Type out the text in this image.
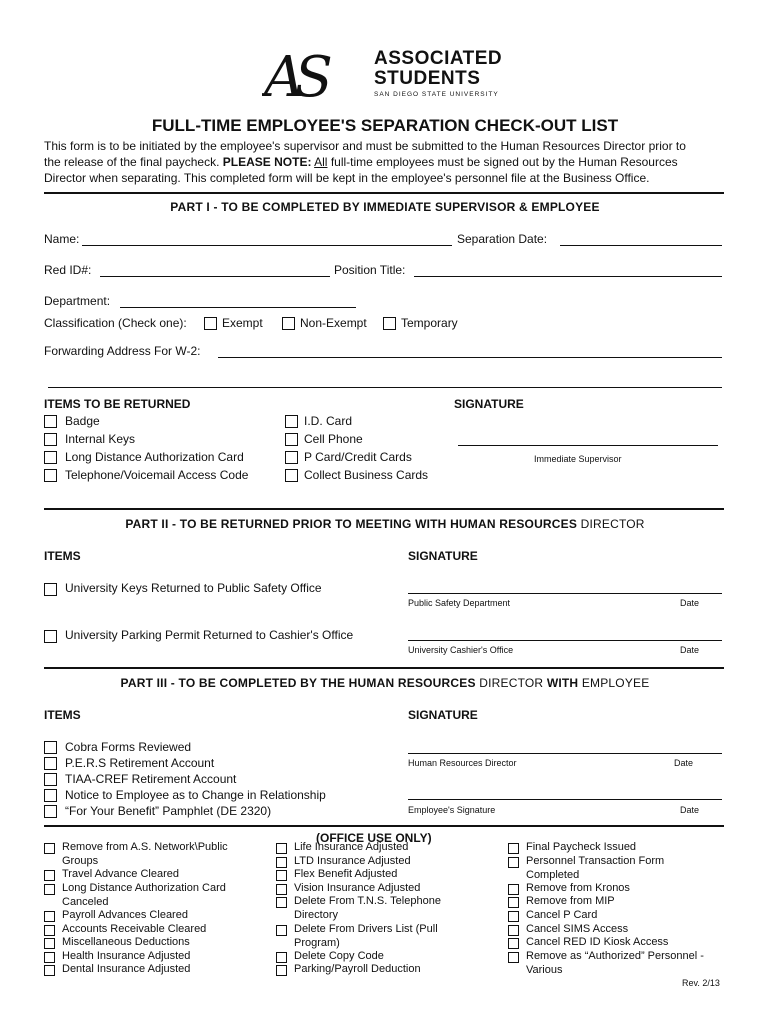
AS	ASSOCIATED
STUDENTS
SAN DIEGO STATE UNIVERSITY
FULL-TIME EMPLOYEE'S SEPARATION CHECK-OUT LIST
This form is to be initiated by the employee's supervisor and must be submitted to the Human Resources Director prior to
the release of the final paycheck. PLEASE NOTE: All full-time employees must be signed out by the Human Resources
Director when separating. This completed form will be kept in the employee's personnel file at the Business Office.
PART I - TO BE COMPLETED BY IMMEDIATE SUPERVISOR & EMPLOYEE
Name:	Separation Date:
Red ID#:	Position Title:
Department:
Classification (Check one):	Exempt	Non-Exempt	Temporary
Forwarding Address For W-2:
ITEMS TO BE RETURNED	SIGNATURE
Badge
Internal Keys
Long Distance Authorization Card
Telephone/Voicemail Access Code
I.D. Card
Cell Phone
P Card/Credit Cards
Collect Business Cards
Immediate Supervisor
PART II - TO BE RETURNED PRIOR TO MEETING WITH HUMAN RESOURCES DIRECTOR
ITEMS	SIGNATURE
University Keys Returned to Public Safety Office
Public Safety Department	Date
University Parking Permit Returned to Cashier's Office
University Cashier's Office	Date
PART III - TO BE COMPLETED BY THE HUMAN RESOURCES DIRECTOR WITH EMPLOYEE
ITEMS	SIGNATURE
Cobra Forms Reviewed
P.E.R.S Retirement Account
TIAA-CREF Retirement Account
Notice to Employee as to Change in Relationship
“For Your Benefit” Pamphlet (DE 2320)
Human Resources Director	Date
Employee's Signature	Date
(OFFICE USE ONLY)
Remove from A.S. Network\Public
Groups
Travel Advance Cleared
Long Distance Authorization Card
Canceled
Payroll Advances Cleared
Accounts Receivable Cleared
Miscellaneous Deductions
Health Insurance Adjusted
Dental Insurance Adjusted
Life Insurance Adjusted
LTD Insurance Adjusted
Flex Benefit Adjusted
Vision Insurance Adjusted
Delete From T.N.S. Telephone
Directory
Delete From Drivers List (Pull
Program)
Delete Copy Code
Parking/Payroll Deduction
Final Paycheck Issued
Personnel Transaction Form
Completed
Remove from Kronos
Remove from MIP
Cancel P Card
Cancel SIMS Access
Cancel RED ID Kiosk Access
Remove as “Authorized” Personnel -
Various
Rev. 2/13
